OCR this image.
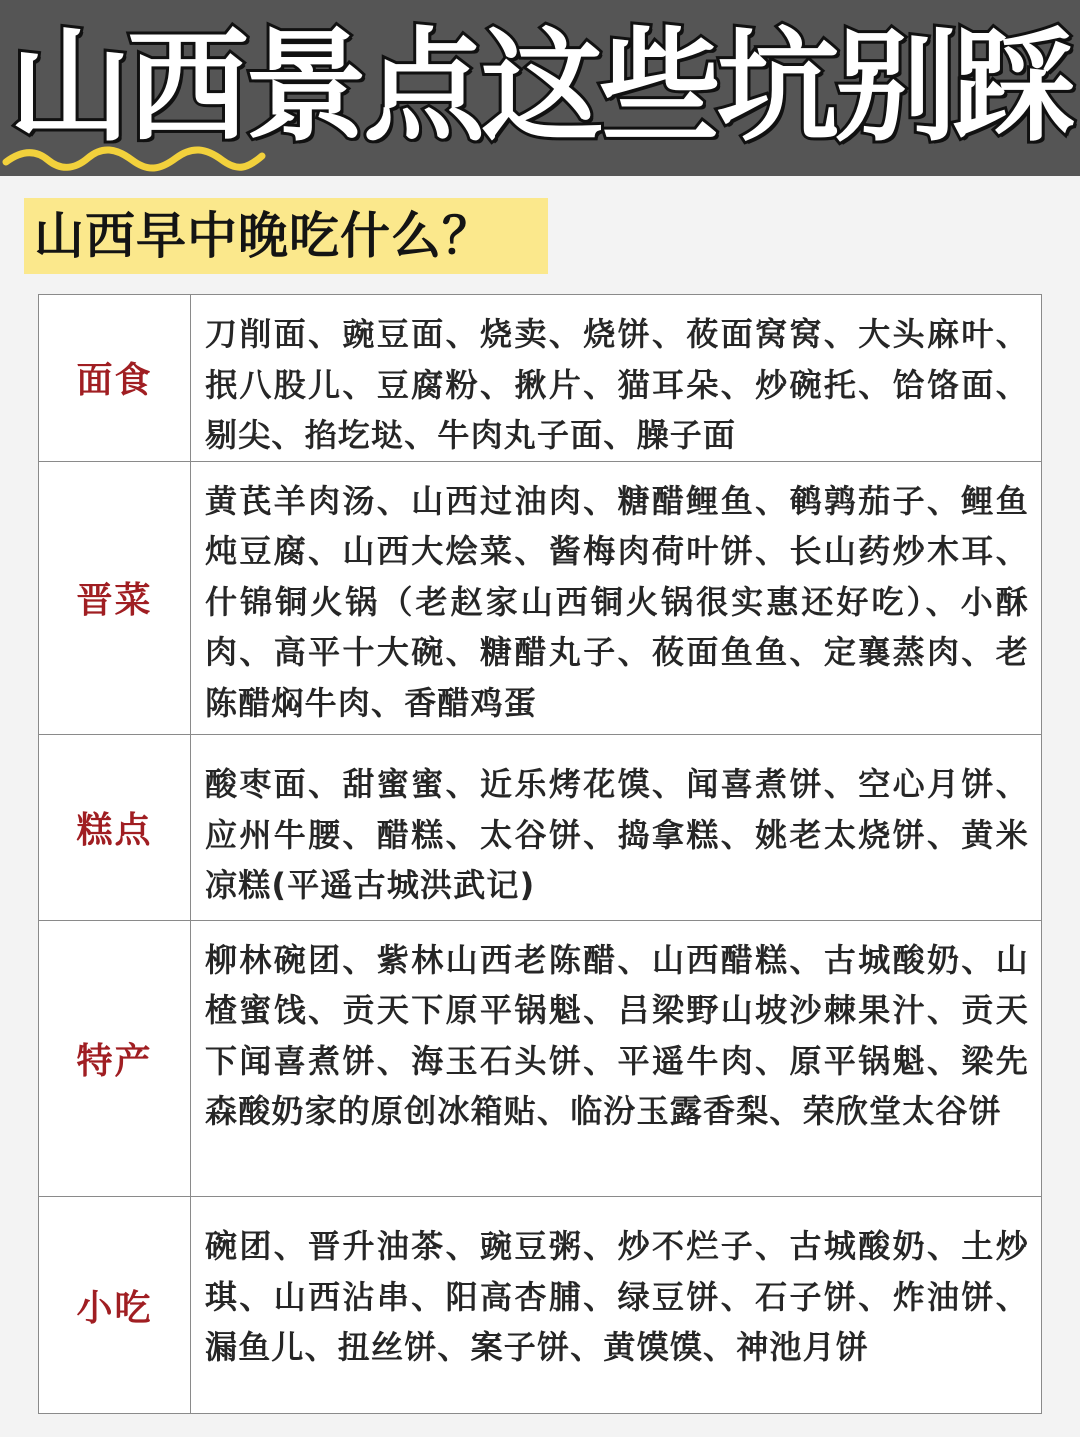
山西景点这些坑别踩
山西早中晚吃什么？
面食
刀削面、豌豆面、烧卖、烧饼、莜面窝窝、大头麻叶、抿八股儿、豆腐粉、揪片、猫耳朵、炒碗托、饸饹面、剔尖、掐圪垯、牛肉丸子面、臊子面
晋菜
黄芪羊肉汤、山西过油肉、糖醋鲤鱼、鹌鹑茄子、鲤鱼炖豆腐、山西大烩菜、酱梅肉荷叶饼、长山药炒木耳、什锦铜火锅（老赵家山西铜火锅很实惠还好吃）、小酥肉、高平十大碗、糖醋丸子、莜面鱼鱼、定襄蒸肉、老陈醋焖牛肉、香醋鸡蛋
糕点
酸枣面、甜蜜蜜、近乐烤花馍、闻喜煮饼、空心月饼、应州牛腰、醋糕、太谷饼、捣拿糕、姚老太烧饼、黄米凉糕(平遥古城洪武记)
特产
柳林碗团、紫林山西老陈醋、山西醋糕、古城酸奶、山楂蜜饯、贡天下原平锅魁、吕梁野山坡沙棘果汁、贡天下闻喜煮饼、海玉石头饼、平遥牛肉、原平锅魁、梁先森酸奶家的原创冰箱贴、临汾玉露香梨、荣欣堂太谷饼
小吃
碗团、晋升油茶、豌豆粥、炒不烂子、古城酸奶、土炒琪、山西沾串、阳高杏脯、绿豆饼、石子饼、炸油饼、漏鱼儿、扭丝饼、案子饼、黄馍馍、神池月饼
